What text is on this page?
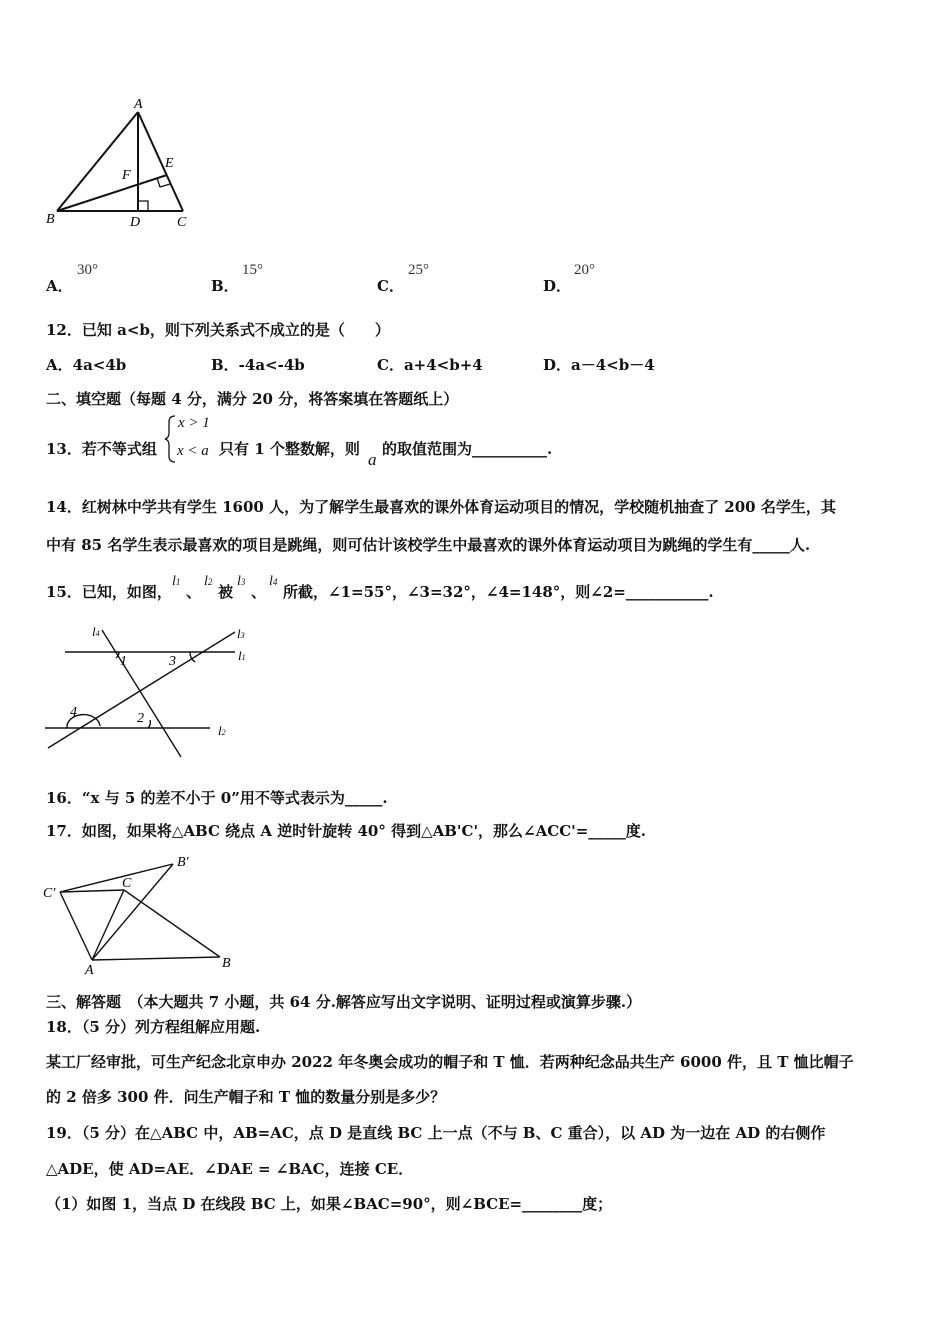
A
E
F
B	D	C
A．
30°
B．
15°
C．
25°
D．
20°
12．已知 a<b，则下列关系式不成立的是（　　）
A．4a<4b	B．-4a<-4b	C．a+4<b+4	D．a－4<b－4
二、填空题（每题 4 分，满分 20 分，将答案填在答题纸上）
13．若不等式组
x > 1
x < a 只有 1 个整数解，则
a
的取值范围为__________.
14．红树林中学共有学生 1600 人，为了解学生最喜欢的课外体育运动项目的情况，学校随机抽查了 200 名学生，其
中有 85 名学生表示最喜欢的项目是跳绳，则可估计该校学生中最喜欢的课外体育运动项目为跳绳的学生有_____人.
15．已知，如图，
l1
、
l2
被
l3
、
l4
所截，∠1=55°，∠3=32°，∠4=148°，则∠2=___________.
l4	l3
l1
l2
1	3
4	2
16．“x 与 5 的差不小于 0”用不等式表示为_____.
17．如图，如果将△ABC 绕点 A 逆时针旋转 40° 得到△AB'C'，那么∠ACC'=_____度.
C'
C
B'
A	B
三、解答题　（本大题共 7 小题，共 64 分.解答应写出文字说明、证明过程或演算步骤.）
18．（5 分）列方程组解应用题.
某工厂经审批，可生产纪念北京申办 2022 年冬奥会成功的帽子和 T 恤．若两种纪念品共生产 6000 件，且 T 恤比帽子
的 2 倍多 300 件．问生产帽子和 T 恤的数量分别是多少？
19．（5 分）在△ABC 中，AB=AC，点 D 是直线 BC 上一点（不与 B、C 重合），以 AD 为一边在 AD 的右侧作
△ADE，使 AD=AE．∠DAE = ∠BAC，连接 CE．
（1）如图 1，当点 D 在线段 BC 上，如果∠BAC=90°，则∠BCE=________度；
